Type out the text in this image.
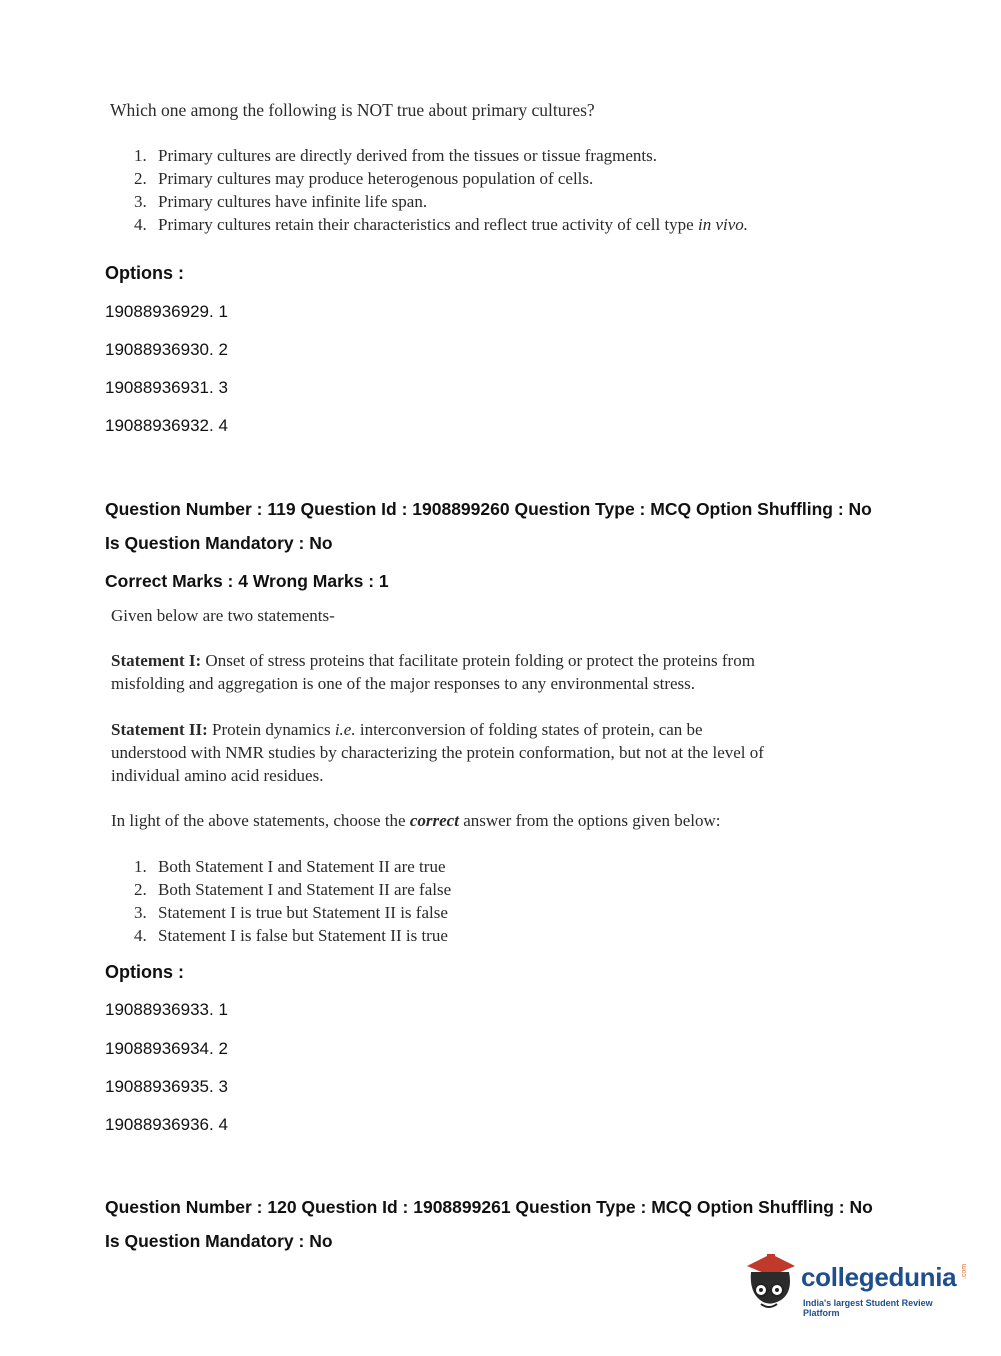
Which one among the following is NOT true about primary cultures?
1. Primary cultures are directly derived from the tissues or tissue fragments.
2. Primary cultures may produce heterogenous population of cells.
3. Primary cultures have infinite life span.
4. Primary cultures retain their characteristics and reflect true activity of cell type in vivo.
Options :
19088936929. 1
19088936930. 2
19088936931. 3
19088936932. 4
Question Number : 119 Question Id : 1908899260 Question Type : MCQ Option Shuffling : No
Is Question Mandatory : No
Correct Marks : 4 Wrong Marks : 1
Given below are two statements-
Statement I: Onset of stress proteins that facilitate protein folding or protect the proteins from
misfolding and aggregation is one of the major responses to any environmental stress.
Statement II: Protein dynamics i.e. interconversion of folding states of protein, can be
understood with NMR studies by characterizing the protein conformation, but not at the level of
individual amino acid residues.
In light of the above statements, choose the correct answer from the options given below:
1. Both Statement I and Statement II are true
2. Both Statement I and Statement II are false
3. Statement I is true but Statement II is false
4. Statement I is false but Statement II is true
Options :
19088936933. 1
19088936934. 2
19088936935. 3
19088936936. 4
Question Number : 120 Question Id : 1908899261 Question Type : MCQ Option Shuffling : No
Is Question Mandatory : No
collegedunia .com
India's largest Student Review Platform
